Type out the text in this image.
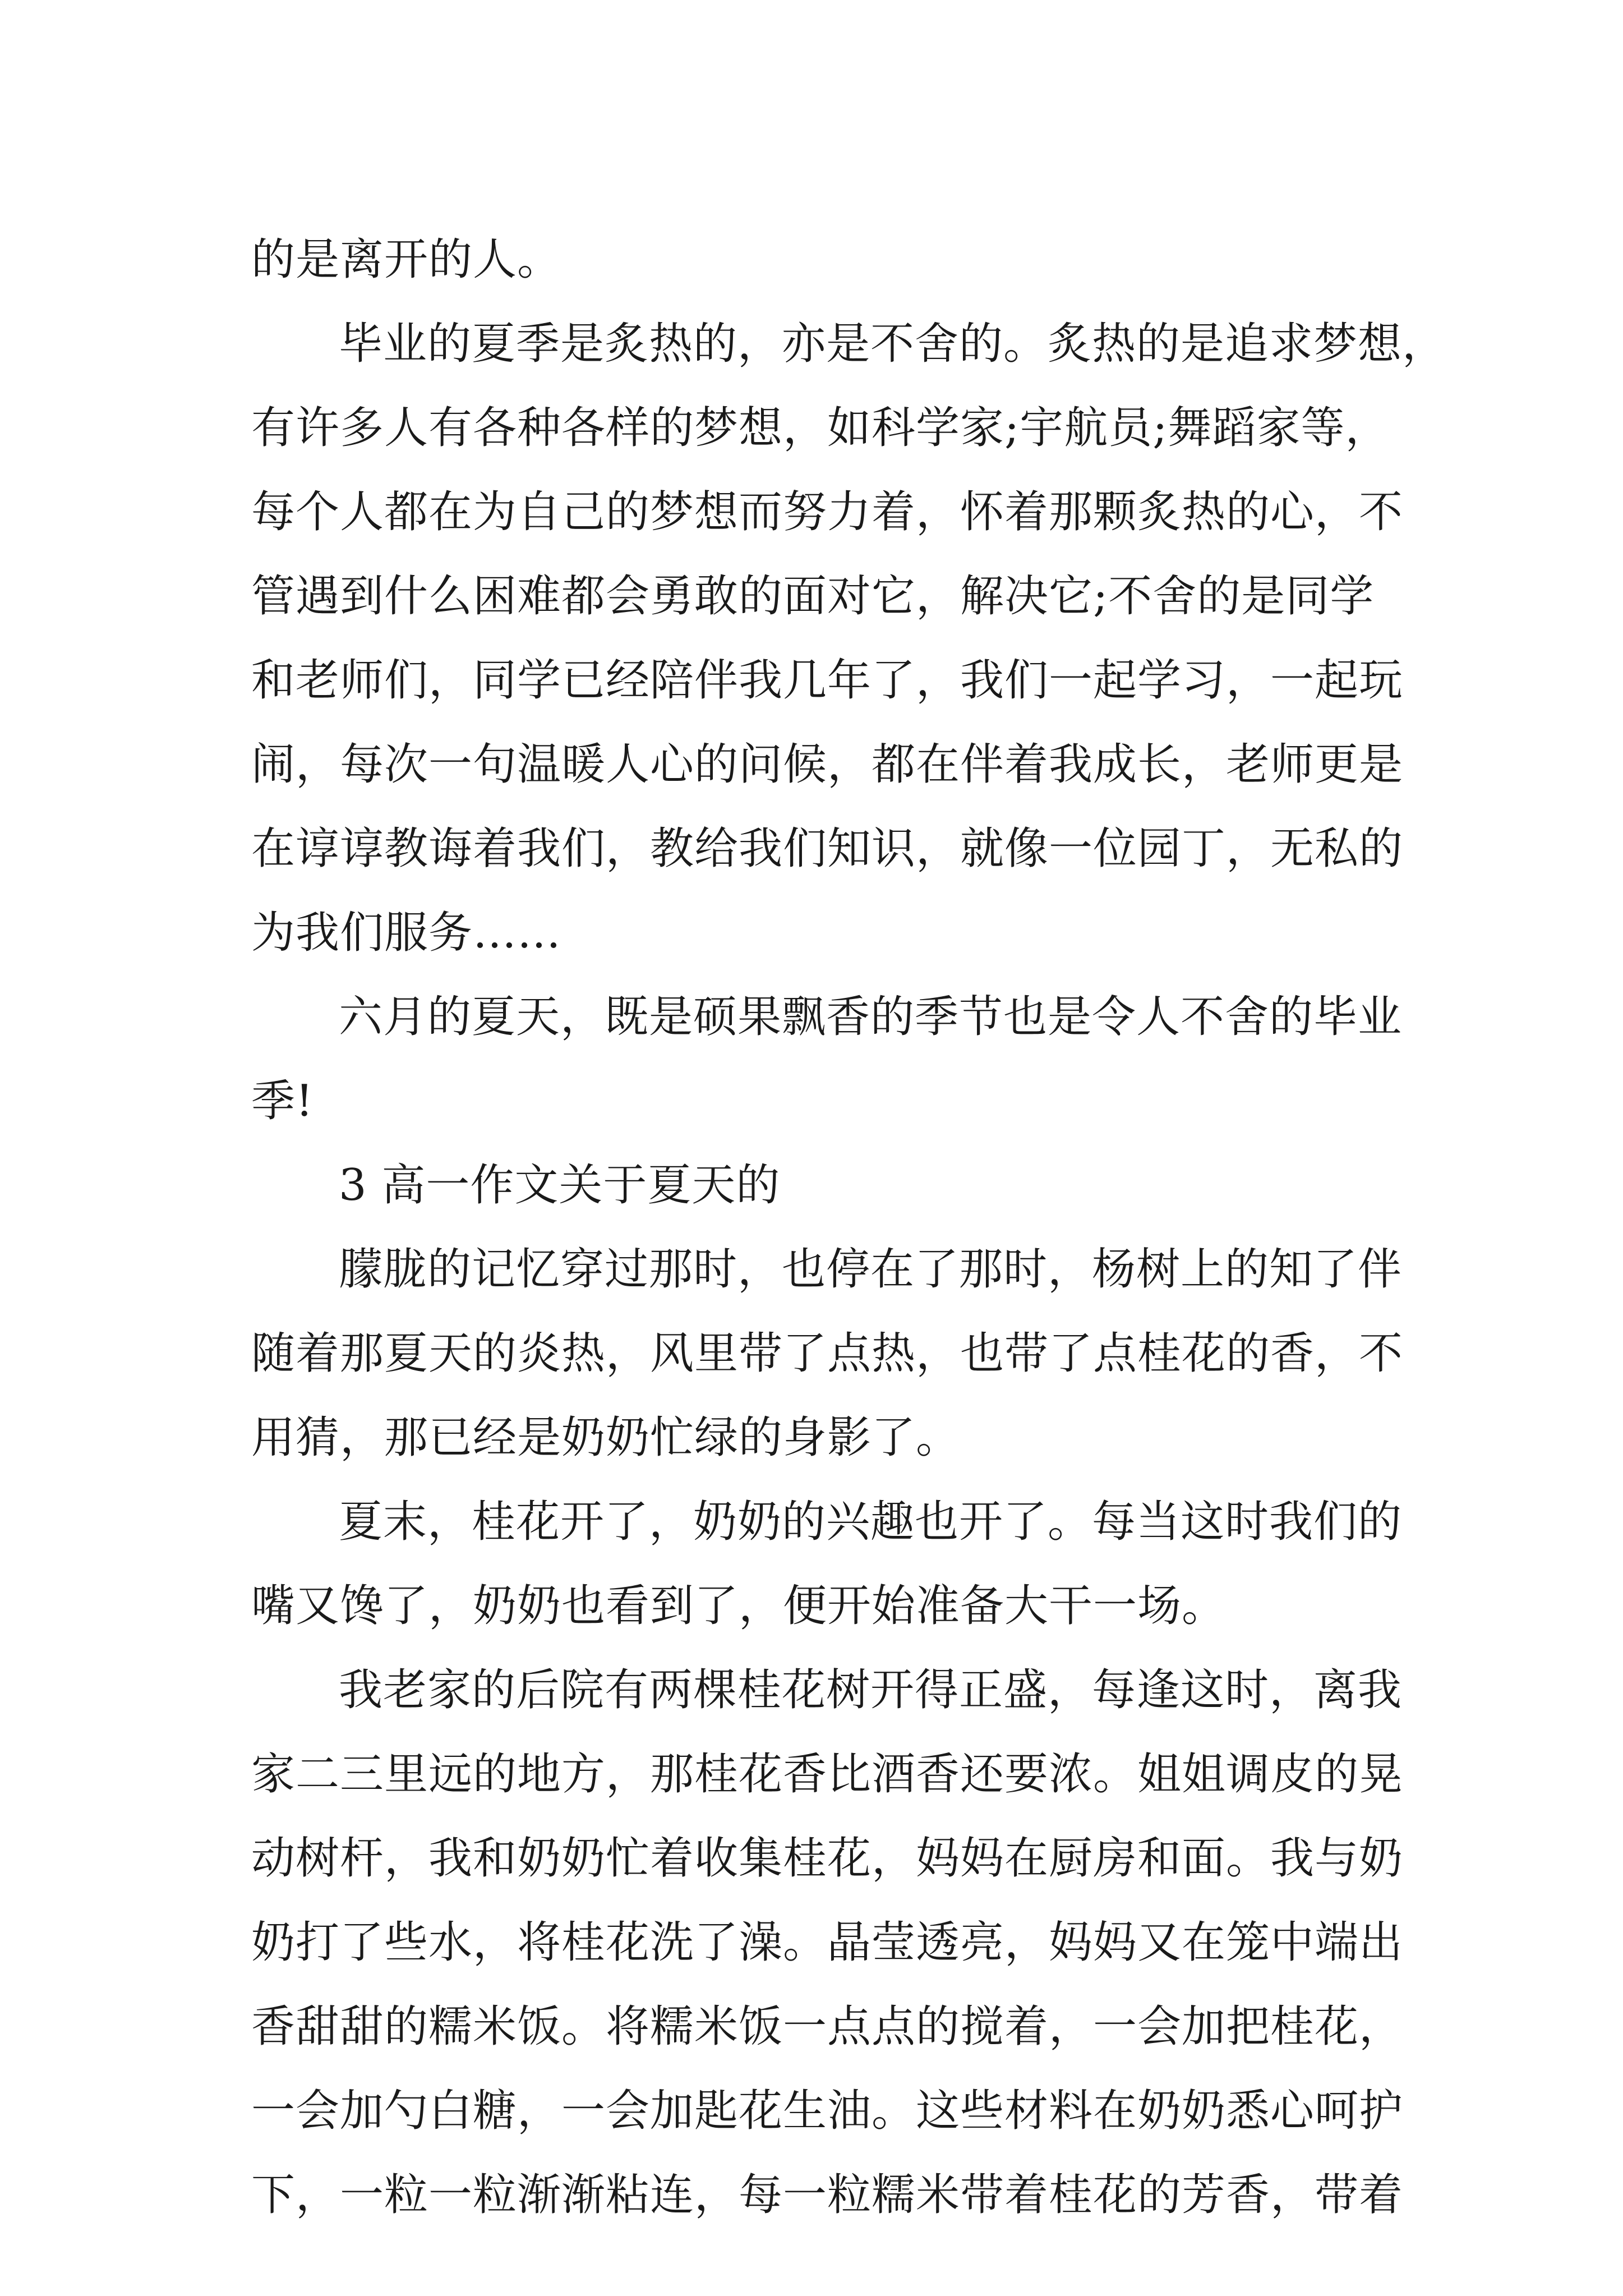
的是离开的人。
毕业的夏季是炙热的，亦是不舍的。炙热的是追求梦想，
有许多人有各种各样的梦想，如科学家;宇航员;舞蹈家等，
每个人都在为自己的梦想而努力着，怀着那颗炙热的心，不
管遇到什么困难都会勇敢的面对它，解决它;不舍的是同学
和老师们，同学已经陪伴我几年了，我们一起学习，一起玩
闹，每次一句温暖人心的问候，都在伴着我成长，老师更是
在谆谆教诲着我们，教给我们知识，就像一位园丁，无私的
为我们服务……
六月的夏天，既是硕果飘香的季节也是令人不舍的毕业
季!
3 高一作文关于夏天的
朦胧的记忆穿过那时，也停在了那时，杨树上的知了伴
随着那夏天的炎热，风里带了点热，也带了点桂花的香，不
用猜，那已经是奶奶忙绿的身影了。
夏末，桂花开了，奶奶的兴趣也开了。每当这时我们的
嘴又馋了，奶奶也看到了，便开始准备大干一场。
我老家的后院有两棵桂花树开得正盛，每逢这时，离我
家二三里远的地方，那桂花香比酒香还要浓。姐姐调皮的晃
动树杆，我和奶奶忙着收集桂花，妈妈在厨房和面。我与奶
奶打了些水，将桂花洗了澡。晶莹透亮，妈妈又在笼中端出
香甜甜的糯米饭。将糯米饭一点点的搅着，一会加把桂花，
一会加勺白糖，一会加匙花生油。这些材料在奶奶悉心呵护
下，一粒一粒渐渐粘连，每一粒糯米带着桂花的芳香，带着
